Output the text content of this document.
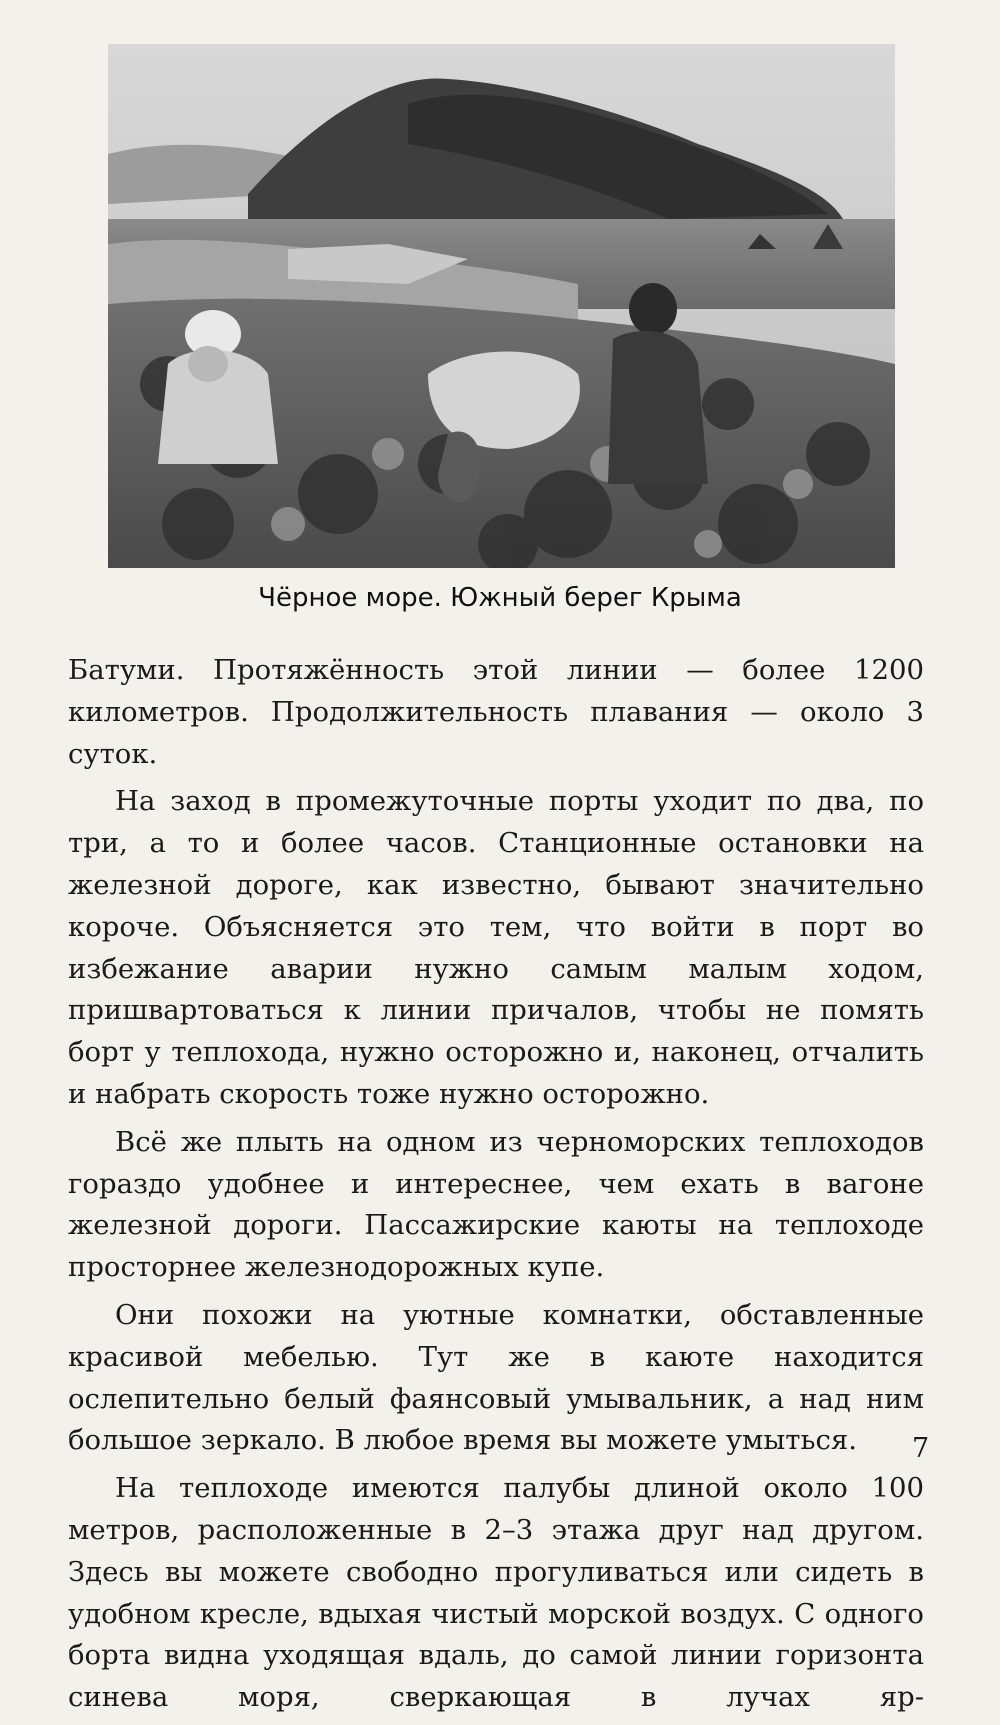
Чёрное море. Южный берег Крыма

Батуми. Протяжённость этой линии — более 1200 километров. Продолжительность плавания — около 3 суток.

На заход в промежуточные порты уходит по два, по три, а то и более часов. Станционные остановки на железной дороге, как известно, бывают значительно короче. Объясняется это тем, что войти в порт во избежание аварии нужно самым малым ходом, пришвартоваться к линии причалов, чтобы не помять борт у теплохода, нужно осторожно и, наконец, отчалить и набрать скорость тоже нужно осторожно.

Всё же плыть на одном из черноморских теплоходов гораздо удобнее и интереснее, чем ехать в вагоне железной дороги. Пассажирские каюты на теплоходе просторнее железнодорожных купе.

Они похожи на уютные комнатки, обставленные красивой мебелью. Тут же в каюте находится ослепительно белый фаянсовый умывальник, а над ним большое зеркало. В любое время вы можете умыться.

На теплоходе имеются палубы длиной около 100 метров, расположенные в 2–3 этажа друг над другом. Здесь вы можете свободно прогуливаться или сидеть в удобном кресле, вдыхая чистый морской воздух. С одного борта видна уходящая вдаль, до самой линии горизонта синева моря, сверкающая в лучах яр-

7
